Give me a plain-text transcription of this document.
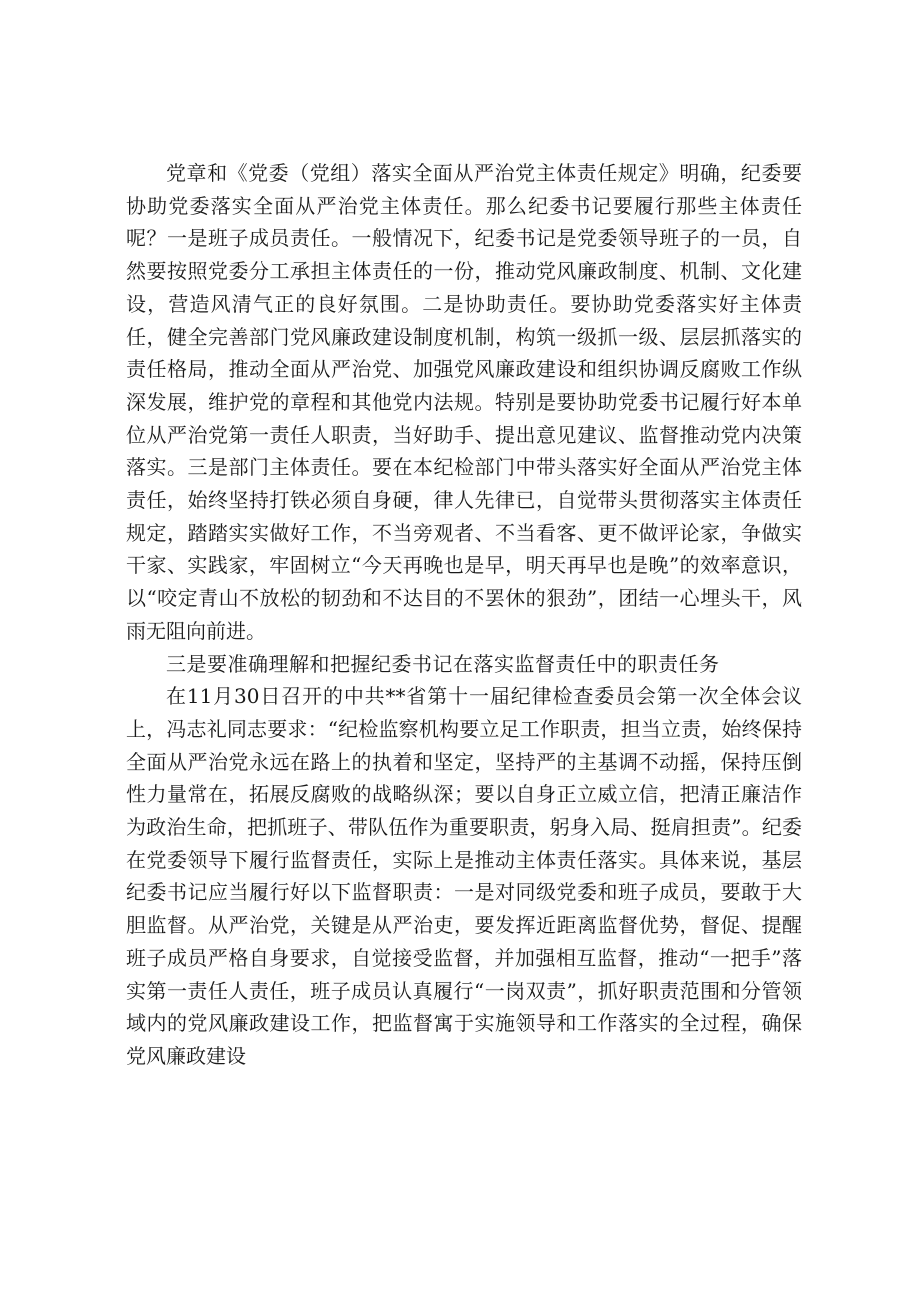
党章和《党委（党组）落实全面从严治党主体责任规定》明确，纪委要协助党委落实全面从严治党主体责任。那么纪委书记要履行那些主体责任呢？一是班子成员责任。一般情况下，纪委书记是党委领导班子的一员，自然要按照党委分工承担主体责任的一份，推动党风廉政制度、机制、文化建设，营造风清气正的良好氛围。二是协助责任。要协助党委落实好主体责任，健全完善部门党风廉政建设制度机制，构筑一级抓一级、层层抓落实的责任格局，推动全面从严治党、加强党风廉政建设和组织协调反腐败工作纵深发展，维护党的章程和其他党内法规。特别是要协助党委书记履行好本单位从严治党第一责任人职责，当好助手、提出意见建议、监督推动党内决策落实。三是部门主体责任。要在本纪检部门中带头落实好全面从严治党主体责任，始终坚持打铁必须自身硬，律人先律已，自觉带头贯彻落实主体责任规定，踏踏实实做好工作，不当旁观者、不当看客、更不做评论家，争做实干家、实践家，牢固树立“今天再晚也是早，明天再早也是晚”的效率意识，以“咬定青山不放松的韧劲和不达目的不罢休的狠劲”，团结一心埋头干，风雨无阻向前进。

三是要准确理解和把握纪委书记在落实监督责任中的职责任务

在11月30日召开的中共**省第十一届纪律检查委员会第一次全体会议上，冯志礼同志要求：“纪检监察机构要立足工作职责，担当立责，始终保持全面从严治党永远在路上的执着和坚定，坚持严的主基调不动摇，保持压倒性力量常在，拓展反腐败的战略纵深；要以自身正立威立信，把清正廉洁作为政治生命，把抓班子、带队伍作为重要职责，躬身入局、挺肩担责”。纪委在党委领导下履行监督责任，实际上是推动主体责任落实。具体来说，基层纪委书记应当履行好以下监督职责：一是对同级党委和班子成员，要敢于大胆监督。从严治党，关键是从严治吏，要发挥近距离监督优势，督促、提醒班子成员严格自身要求，自觉接受监督，并加强相互监督，推动“一把手”落实第一责任人责任，班子成员认真履行“一岗双责”，抓好职责范围和分管领域内的党风廉政建设工作，把监督寓于实施领导和工作落实的全过程，确保党风廉政建设
